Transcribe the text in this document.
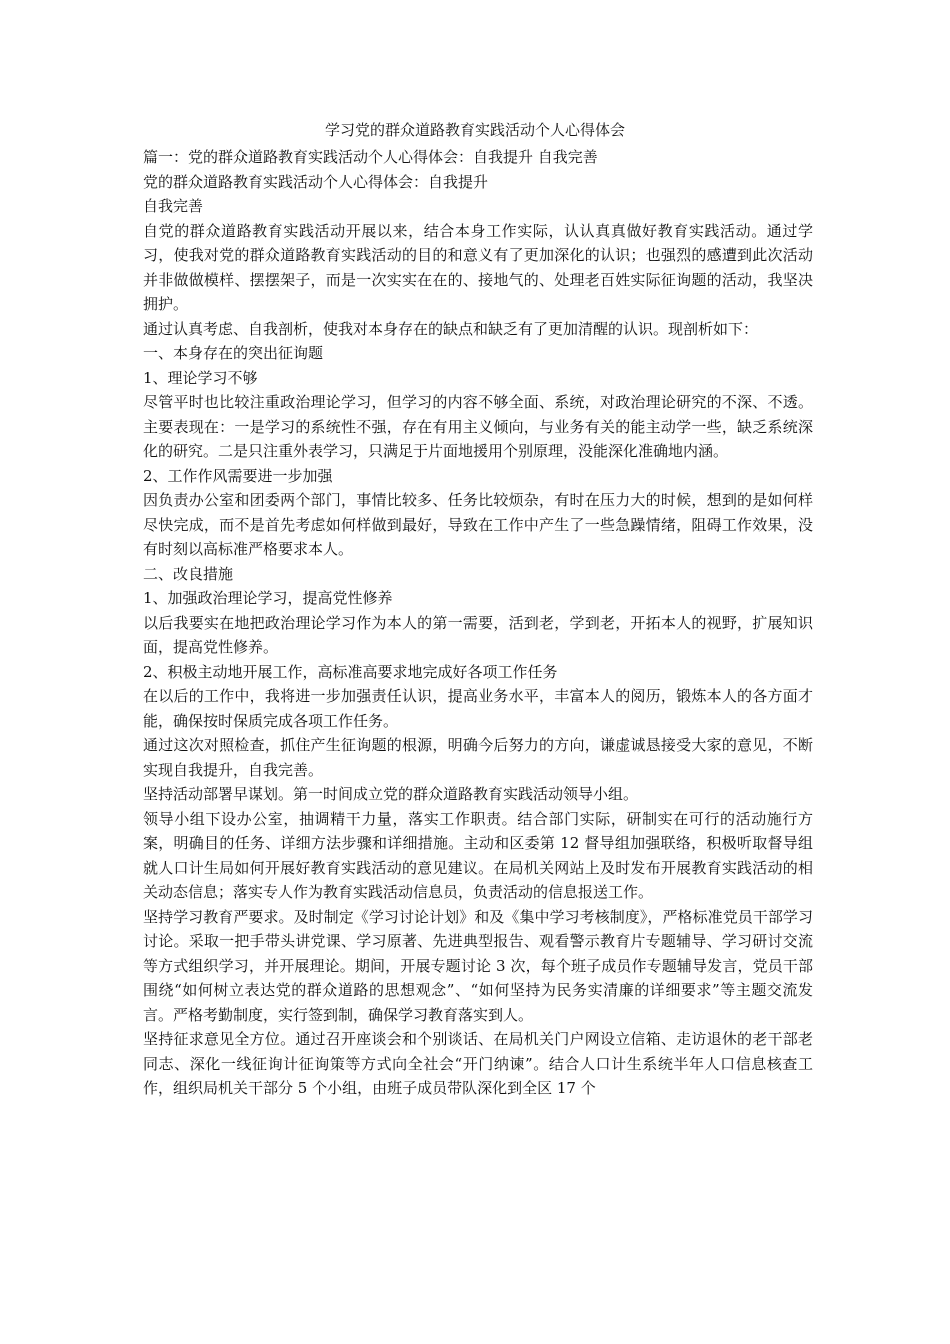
学习党的群众道路教育实践活动个人心得体会

篇一：党的群众道路教育实践活动个人心得体会：自我提升 自我完善

党的群众道路教育实践活动个人心得体会：自我提升

自我完善

自党的群众道路教育实践活动开展以来，结合本身工作实际，认认真真做好教育实践活动。通过学习，使我对党的群众道路教育实践活动的目的和意义有了更加深化的认识；也强烈的感遭到此次活动并非做做模样、摆摆架子，而是一次实实在在的、接地气的、处理老百姓实际征询题的活动，我坚决拥护。

通过认真考虑、自我剖析，使我对本身存在的缺点和缺乏有了更加清醒的认识。现剖析如下：

一、本身存在的突出征询题

1、理论学习不够

尽管平时也比较注重政治理论学习，但学习的内容不够全面、系统，对政治理论研究的不深、不透。主要表现在：一是学习的系统性不强，存在有用主义倾向，与业务有关的能主动学一些，缺乏系统深化的研究。二是只注重外表学习，只满足于片面地援用个别原理，没能深化准确地内涵。

2、工作作风需要进一步加强

因负责办公室和团委两个部门，事情比较多、任务比较烦杂，有时在压力大的时候，想到的是如何样尽快完成，而不是首先考虑如何样做到最好，导致在工作中产生了一些急躁情绪，阻碍工作效果，没有时刻以高标准严格要求本人。

二、改良措施

1、加强政治理论学习，提高党性修养

以后我要实在地把政治理论学习作为本人的第一需要，活到老，学到老，开拓本人的视野，扩展知识面，提高党性修养。

2、积极主动地开展工作，高标准高要求地完成好各项工作任务

在以后的工作中，我将进一步加强责任认识，提高业务水平，丰富本人的阅历，锻炼本人的各方面才能，确保按时保质完成各项工作任务。

通过这次对照检查，抓住产生征询题的根源，明确今后努力的方向，谦虚诚恳接受大家的意见，不断实现自我提升，自我完善。

坚持活动部署早谋划。第一时间成立党的群众道路教育实践活动领导小组。

领导小组下设办公室，抽调精干力量，落实工作职责。结合部门实际，研制实在可行的活动施行方案，明确目的任务、详细方法步骤和详细措施。主动和区委第 12 督导组加强联络，积极听取督导组就人口计生局如何开展好教育实践活动的意见建议。在局机关网站上及时发布开展教育实践活动的相关动态信息；落实专人作为教育实践活动信息员，负责活动的信息报送工作。

坚持学习教育严要求。及时制定《学习讨论计划》和及《集中学习考核制度》，严格标准党员干部学习讨论。采取一把手带头讲党课、学习原著、先进典型报告、观看警示教育片专题辅导、学习研讨交流等方式组织学习，并开展理论。期间，开展专题讨论 3 次，每个班子成员作专题辅导发言，党员干部围绕“如何树立表达党的群众道路的思想观念”、“如何坚持为民务实清廉的详细要求”等主题交流发言。严格考勤制度，实行签到制，确保学习教育落实到人。

坚持征求意见全方位。通过召开座谈会和个别谈话、在局机关门户网设立信箱、走访退休的老干部老同志、深化一线征询计征询策等方式向全社会“开门纳谏”。结合人口计生系统半年人口信息核查工作，组织局机关干部分 5 个小组，由班子成员带队深化到全区 17 个
